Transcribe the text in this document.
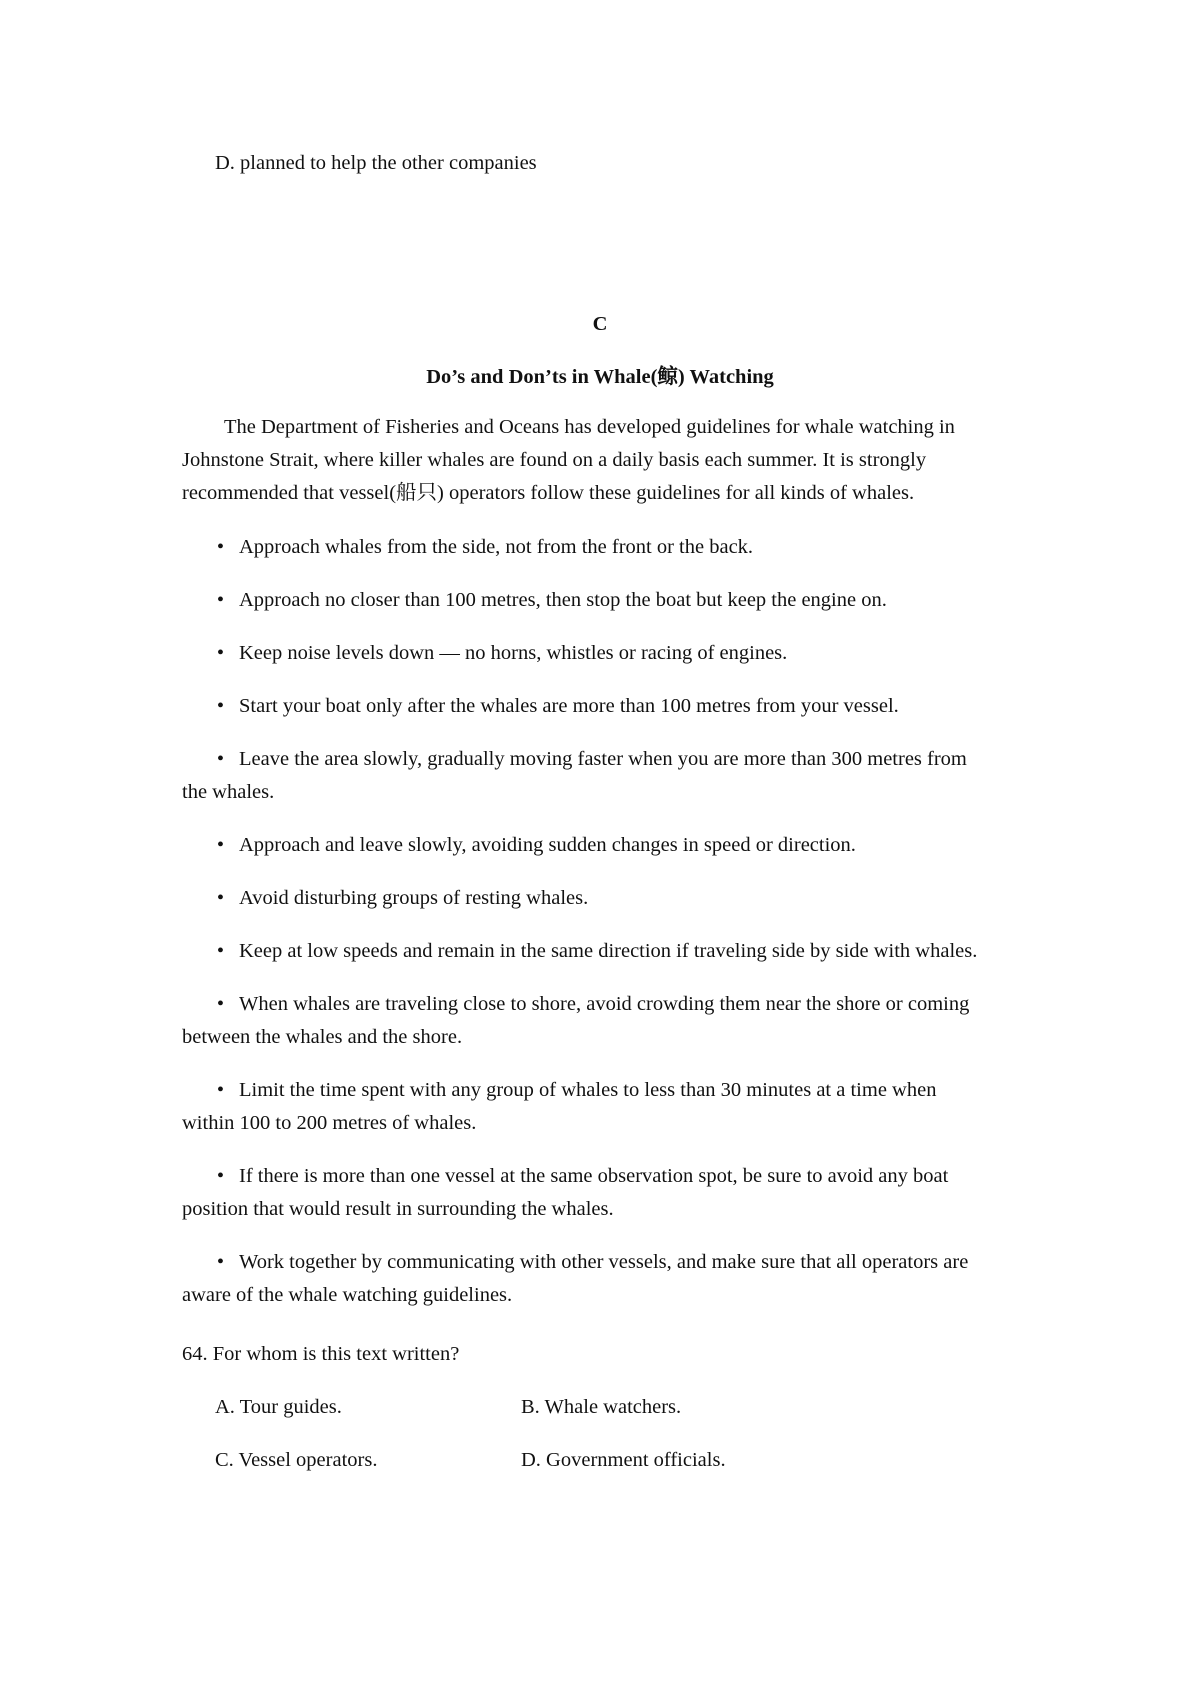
D. planned to help the other companies
C
Do’s and Don’ts in Whale(鲸) Watching
The Department of Fisheries and Oceans has developed guidelines for whale watching in
Johnstone Strait, where killer whales are found on a daily basis each summer. It is strongly
recommended that vessel(船只) operators follow these guidelines for all kinds of whales.
• Approach whales from the side, not from the front or the back.
• Approach no closer than 100 metres, then stop the boat but keep the engine on.
• Keep noise levels down — no horns, whistles or racing of engines.
• Start your boat only after the whales are more than 100 metres from your vessel.
• Leave the area slowly, gradually moving faster when you are more than 300 metres from
the whales.
• Approach and leave slowly, avoiding sudden changes in speed or direction.
• Avoid disturbing groups of resting whales.
• Keep at low speeds and remain in the same direction if traveling side by side with whales.
• When whales are traveling close to shore, avoid crowding them near the shore or coming
between the whales and the shore.
• Limit the time spent with any group of whales to less than 30 minutes at a time when
within 100 to 200 metres of whales.
• If there is more than one vessel at the same observation spot, be sure to avoid any boat
position that would result in surrounding the whales.
• Work together by communicating with other vessels, and make sure that all operators are
aware of the whale watching guidelines.
64. For whom is this text written?
A. Tour guides.	B. Whale watchers.
C. Vessel operators.	D. Government officials.
